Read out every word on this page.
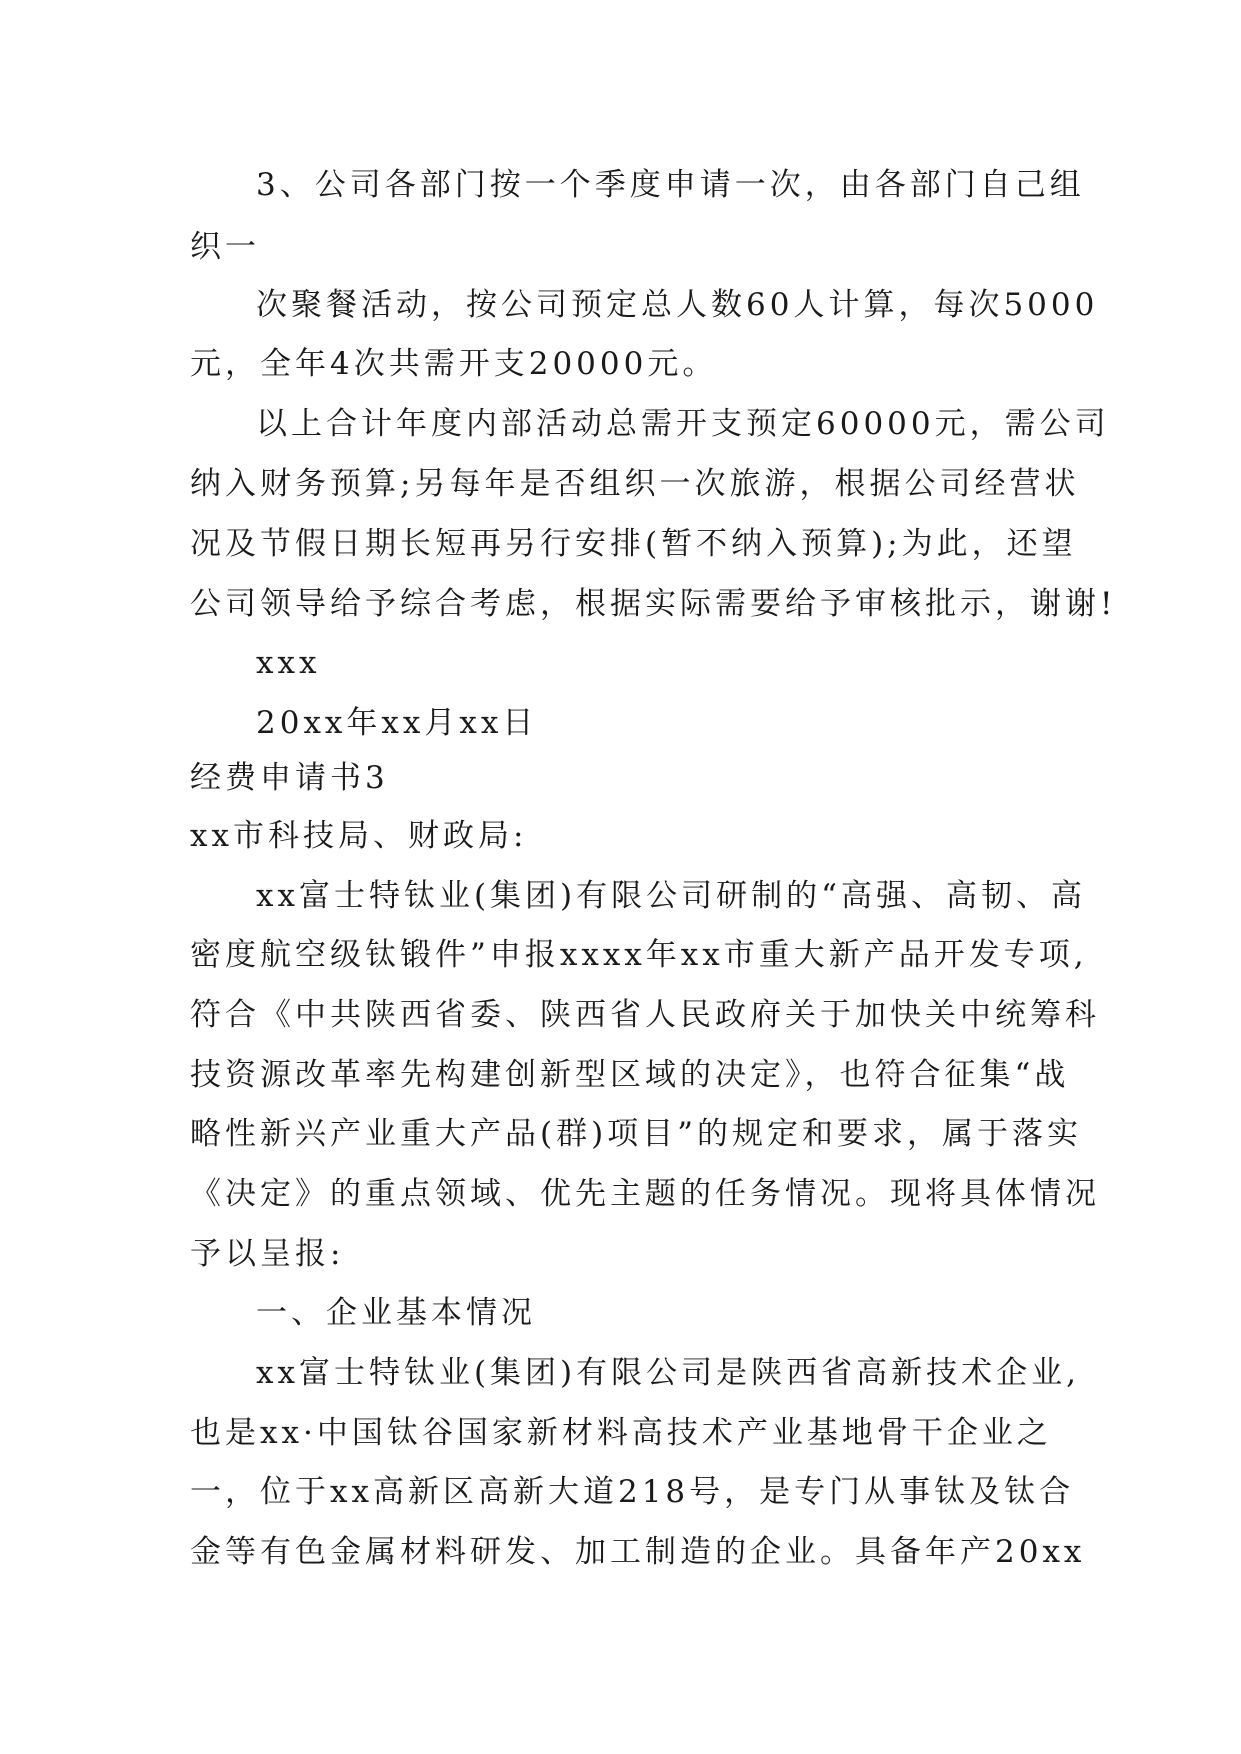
3、公司各部门按一个季度申请一次，由各部门自己组
织一
次聚餐活动，按公司预定总人数60人计算，每次5000
元，全年4次共需开支20000元。
以上合计年度内部活动总需开支预定60000元，需公司
纳入财务预算;另每年是否组织一次旅游，根据公司经营状
况及节假日期长短再另行安排(暂不纳入预算);为此，还望
公司领导给予综合考虑，根据实际需要给予审核批示，谢谢!
xxx
20xx年xx月xx日
经费申请书3
xx市科技局、财政局:
xx富士特钛业(集团)有限公司研制的“高强、高韧、高
密度航空级钛锻件”申报xxxx年xx市重大新产品开发专项,
符合《中共陕西省委、陕西省人民政府关于加快关中统筹科
技资源改革率先构建创新型区域的决定》，也符合征集“战
略性新兴产业重大产品(群)项目”的规定和要求，属于落实
《决定》的重点领域、优先主题的任务情况。现将具体情况
予以呈报:
一、企业基本情况
xx富士特钛业(集团)有限公司是陕西省高新技术企业,
也是xx·中国钛谷国家新材料高技术产业基地骨干企业之
一，位于xx高新区高新大道218号，是专门从事钛及钛合
金等有色金属材料研发、加工制造的企业。具备年产20xx
